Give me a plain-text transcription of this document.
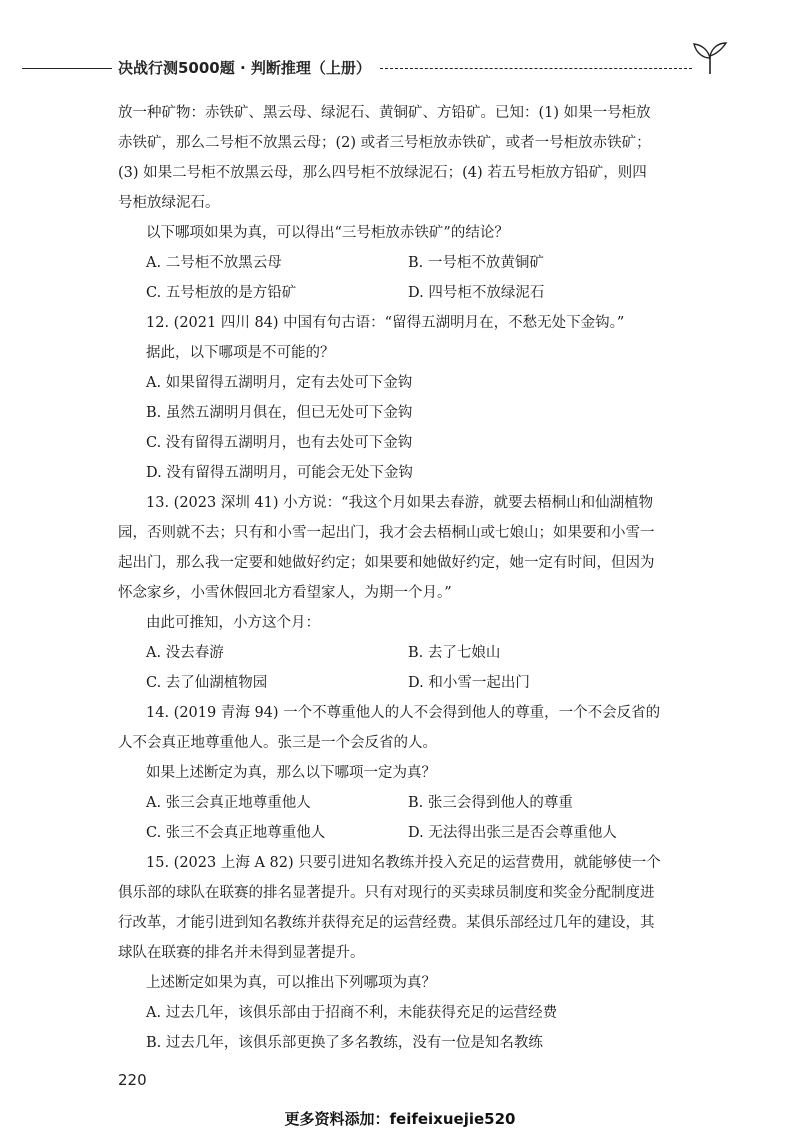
决战行测5000题 · 判断推理（上册）

放一种矿物：赤铁矿、黑云母、绿泥石、黄铜矿、方铅矿。已知：(1) 如果一号柜放

赤铁矿，那么二号柜不放黑云母；(2) 或者三号柜放赤铁矿，或者一号柜放赤铁矿；

(3) 如果二号柜不放黑云母，那么四号柜不放绿泥石；(4) 若五号柜放方铅矿，则四

号柜放绿泥石。

以下哪项如果为真，可以得出“三号柜放赤铁矿”的结论？

A. 二号柜不放黑云母	B. 一号柜不放黄铜矿
C. 五号柜放的是方铅矿	D. 四号柜不放绿泥石

12. (2021 四川 84) 中国有句古语：“留得五湖明月在，不愁无处下金钩。”

据此，以下哪项是不可能的？

A. 如果留得五湖明月，定有去处可下金钩

B. 虽然五湖明月俱在，但已无处可下金钩

C. 没有留得五湖明月，也有去处可下金钩

D. 没有留得五湖明月，可能会无处下金钩

13. (2023 深圳 41) 小方说：“我这个月如果去春游，就要去梧桐山和仙湖植物

园，否则就不去；只有和小雪一起出门，我才会去梧桐山或七娘山；如果要和小雪一

起出门，那么我一定要和她做好约定；如果要和她做好约定，她一定有时间，但因为

怀念家乡，小雪休假回北方看望家人，为期一个月。”

由此可推知，小方这个月：

A. 没去春游	B. 去了七娘山
C. 去了仙湖植物园	D. 和小雪一起出门

14. (2019 青海 94) 一个不尊重他人的人不会得到他人的尊重，一个不会反省的

人不会真正地尊重他人。张三是一个会反省的人。

如果上述断定为真，那么以下哪项一定为真？

A. 张三会真正地尊重他人	B. 张三会得到他人的尊重
C. 张三不会真正地尊重他人	D. 无法得出张三是否会尊重他人

15. (2023 上海 A 82) 只要引进知名教练并投入充足的运营费用，就能够使一个

俱乐部的球队在联赛的排名显著提升。只有对现行的买卖球员制度和奖金分配制度进

行改革，才能引进到知名教练并获得充足的运营经费。某俱乐部经过几年的建设，其

球队在联赛的排名并未得到显著提升。

上述断定如果为真，可以推出下列哪项为真？

A. 过去几年，该俱乐部由于招商不利，未能获得充足的运营经费

B. 过去几年，该俱乐部更换了多名教练，没有一位是知名教练

220
更多资料添加：feifeixuejie520
